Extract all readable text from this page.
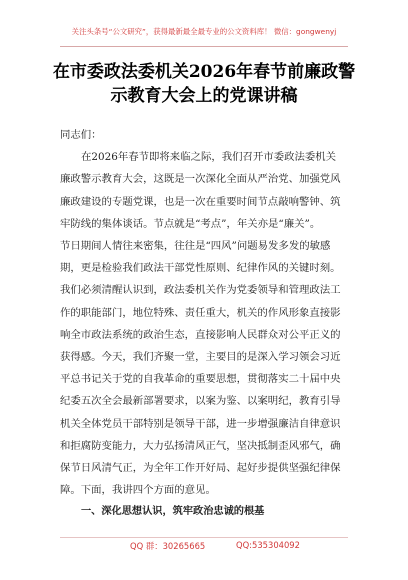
关注头条号“公文研究”，获得最新最全最专业的公文资料库！ 微信：gongwenyj
在市委政法委机关2026年春节前廉政警
示教育大会上的党课讲稿

同志们：

在2026年春节即将来临之际，我们召开市委政法委机关
廉政警示教育大会，这既是一次深化全面从严治党、加强党风
廉政建设的专题党课，也是一次在重要时间节点敲响警钟、筑
牢防线的集体谈话。节点就是“考点”，年关亦是“廉关”。
节日期间人情往来密集，往往是“四风”问题易发多发的敏感
期，更是检验我们政法干部党性原则、纪律作风的关键时刻。
我们必须清醒认识到，政法委机关作为党委领导和管理政法工
作的职能部门，地位特殊、责任重大，机关的作风形象直接影
响全市政法系统的政治生态，直接影响人民群众对公平正义的
获得感。今天，我们齐聚一堂，主要目的是深入学习领会习近
平总书记关于党的自我革命的重要思想，贯彻落实二十届中央
纪委五次全会最新部署要求，以案为鉴、以案明纪，教育引导
机关全体党员干部特别是领导干部，进一步增强廉洁自律意识
和拒腐防变能力，大力弘扬清风正气，坚决抵制歪风邪气，确
保节日风清气正，为全年工作开好局、起好步提供坚强纪律保
障。下面，我讲四个方面的意见。

一、深化思想认识，筑牢政治忠诚的根基

QQ 群：30265665	QQ:535304092
